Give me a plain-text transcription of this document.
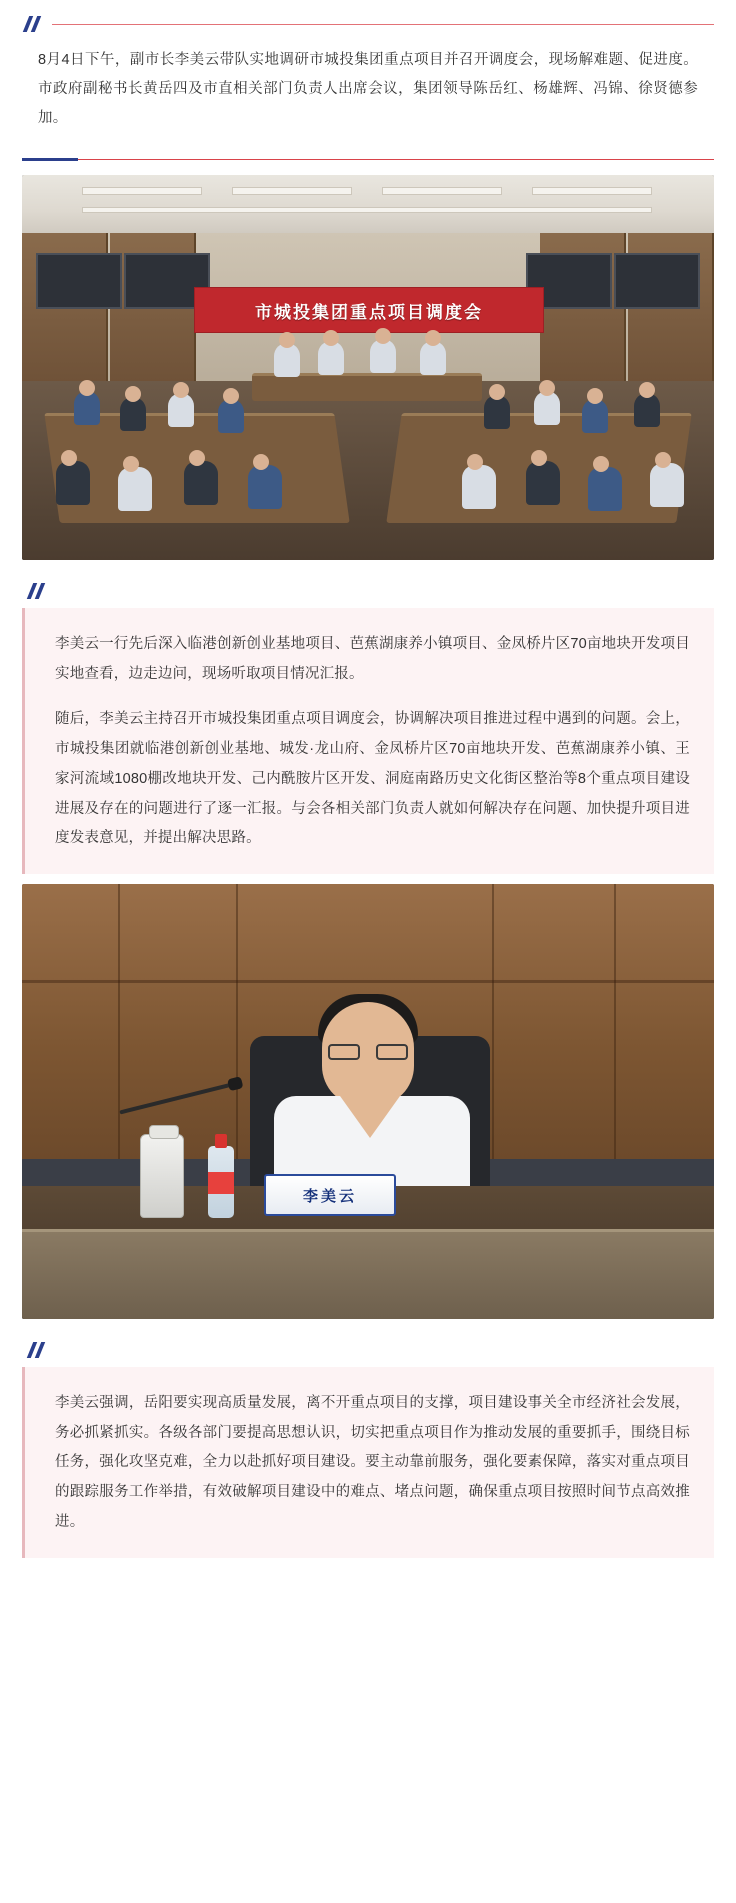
8月4日下午，副市长李美云带队实地调研市城投集团重点项目并召开调度会，现场解难题、促进度。市政府副秘书长黄岳四及市直相关部门负责人出席会议，集团领导陈岳红、杨雄辉、冯锦、徐贤德参加。
市城投集团重点项目调度会

李美云一行先后深入临港创新创业基地项目、芭蕉湖康养小镇项目、金凤桥片区70亩地块开发项目实地查看，边走边问，现场听取项目情况汇报。

随后，李美云主持召开市城投集团重点项目调度会，协调解决项目推进过程中遇到的问题。会上，市城投集团就临港创新创业基地、城发·龙山府、金凤桥片区70亩地块开发、芭蕉湖康养小镇、王家河流域1080棚改地块开发、己内酰胺片区开发、洞庭南路历史文化街区整治等8个重点项目建设进展及存在的问题进行了逐一汇报。与会各相关部门负责人就如何解决存在问题、加快提升项目进度发表意见，并提出解决思路。

李美云

李美云强调，岳阳要实现高质量发展，离不开重点项目的支撑，项目建设事关全市经济社会发展，务必抓紧抓实。各级各部门要提高思想认识，切实把重点项目作为推动发展的重要抓手，围绕目标任务，强化攻坚克难，全力以赴抓好项目建设。要主动靠前服务，强化要素保障，落实对重点项目的跟踪服务工作举措，有效破解项目建设中的难点、堵点问题，确保重点项目按照时间节点高效推进。
